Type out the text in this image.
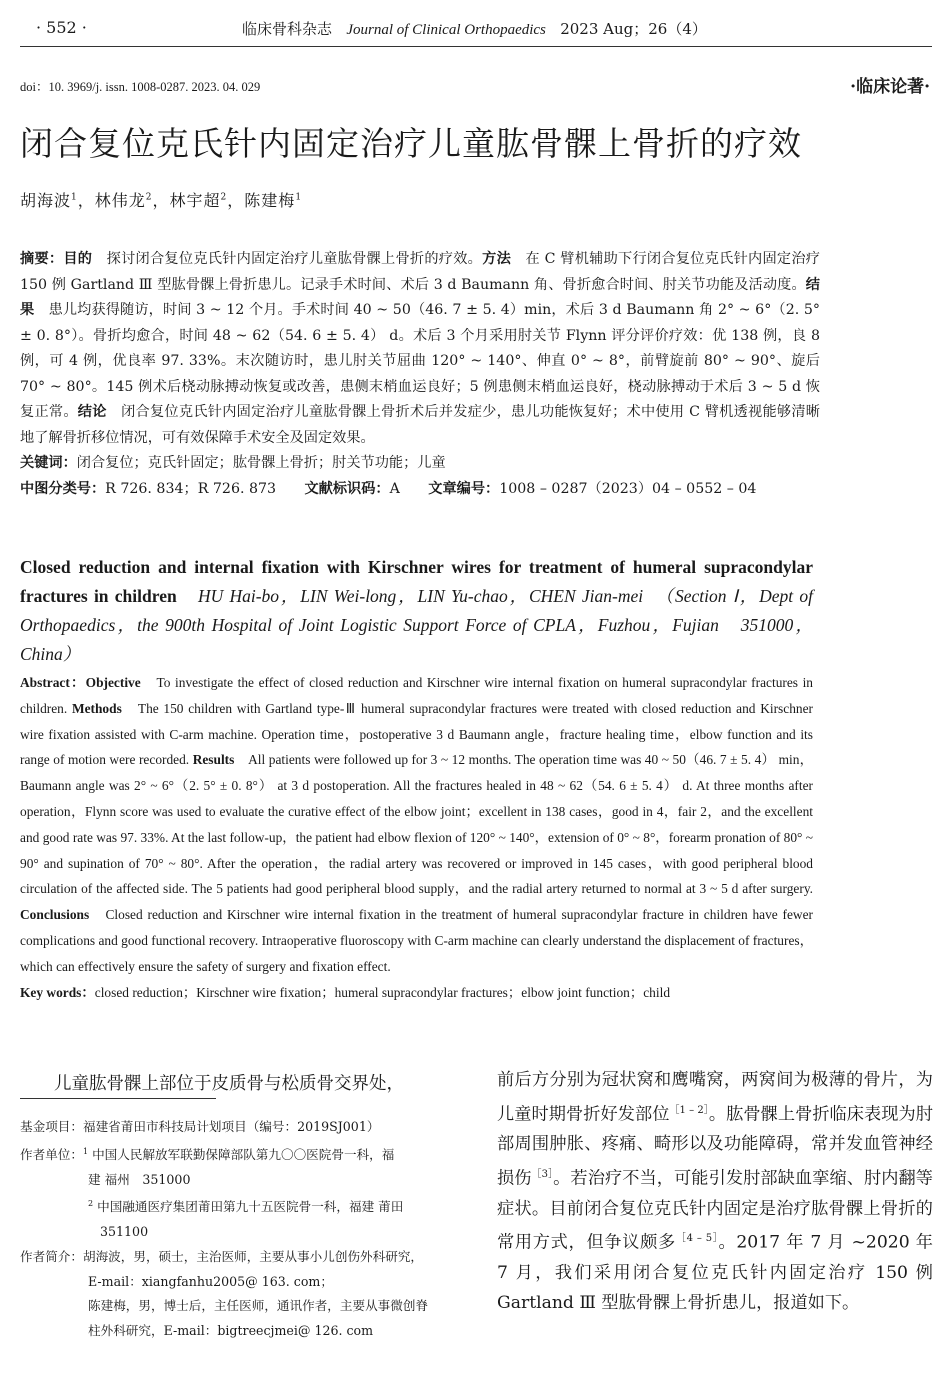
· 552 ·	临床骨科杂志 Journal of Clinical Orthopaedics 2023 Aug；26（4）
doi：10. 3969/j. issn. 1008-0287. 2023. 04. 029	·临床论著·
闭合复位克氏针内固定治疗儿童肱骨髁上骨折的疗效
胡海波$^1$，林伟龙$^2$，林宇超$^2$，陈建梅$^1$
摘要：目的　 探讨闭合复位克氏针内固定治疗儿童肱骨髁上骨折的疗效。方法　 在 C 臂机辅助下行闭合复位克氏针内固定治疗 150 例 Gartland Ⅲ 型肱骨髁上骨折患儿。记录手术时间、术后 3 d Baumann 角、骨折愈合时间、肘关节功能及活动度。结果　 患儿均获得随访，时间 3 ~ 12 个月。手术时间 40 ~ 50（46. 7 ± 5. 4）min，术后 3 d Baumann 角 2° ~ 6°（2. 5° ± 0. 8°）。骨折均愈合，时间 48 ~ 62（54. 6 ± 5. 4） d。术后 3 个月采用肘关节 Flynn 评分评价疗效：优 138 例，良 8 例，可 4 例，优良率 97. 33%。末次随访时，患儿肘关节屈曲 120° ~ 140°、伸直 0° ~ 8°，前臂旋前 80° ~ 90°、旋后 70° ~ 80°。145 例术后桡动脉搏动恢复或改善，患侧末梢血运良好；5 例患侧末梢血运良好，桡动脉搏动于术后 3 ~ 5 d 恢复正常。结论　 闭合复位克氏针内固定治疗儿童肱骨髁上骨折术后并发症少，患儿功能恢复好；术中使用 C 臂机透视能够清晰地了解骨折移位情况，可有效保障手术安全及固定效果。
关键词：闭合复位；克氏针固定；肱骨髁上骨折；肘关节功能；儿童
中图分类号：R 726. 834；R 726. 873　　 文献标识码：A　　 文章编号：1008 – 0287（2023）04 – 0552 – 04
Closed reduction and internal fixation with Kirschner wires for treatment of humeral supracondylar fractures in children　 HU Hai-bo，LIN Wei-long，LIN Yu-chao，CHEN Jian-mei　（Section Ⅰ，Dept of Orthopaedics，the 900th Hospital of Joint Logistic Support Force of CPLA，Fuzhou，Fujian　351000，China）
Abstract：Objective　 To investigate the effect of closed reduction and Kirschner wire internal fixation on humeral supracondylar fractures in children. Methods　 The 150 children with Gartland type-Ⅲ humeral supracondylar fractures were treated with closed reduction and Kirschner wire fixation assisted with C-arm machine. Operation time，postoperative 3 d Baumann angle，fracture healing time，elbow function and its range of motion were recorded. Results　 All patients were followed up for 3 ~ 12 months. The operation time was 40 ~ 50（46. 7 ± 5. 4） min，Baumann angle was 2° ~ 6°（2. 5° ± 0. 8°） at 3 d postoperation. All the fractures healed in 48 ~ 62（54. 6 ± 5. 4） d. At three months after operation，Flynn score was used to evaluate the curative effect of the elbow joint；excellent in 138 cases，good in 4，fair 2，and the excellent and good rate was 97. 33%. At the last follow-up，the patient had elbow flexion of 120° ~ 140°，extension of 0° ~ 8°，forearm pronation of 80° ~ 90° and supination of 70° ~ 80°. After the operation，the radial artery was recovered or improved in 145 cases，with good peripheral blood circulation of the affected side. The 5 patients had good peripheral blood supply，and the radial artery returned to normal at 3 ~ 5 d after surgery. Conclusions　 Closed reduction and Kirschner wire internal fixation in the treatment of humeral supracondylar fracture in children have fewer complications and good functional recovery. Intraoperative fluoroscopy with C-arm machine can clearly understand the displacement of fractures，which can effectively ensure the safety of surgery and fixation effect.
Key words：closed reduction；Kirschner wire fixation；humeral supracondylar fractures；elbow joint function；child
儿童肱骨髁上部位于皮质骨与松质骨交界处，
基金项目：福建省莆田市科技局计划项目（编号：2019SJ001）
作者单位：$^1$ 中国人民解放军联勤保障部队第九〇〇医院骨一科，福
建 福州　351000
$^2$ 中国融通医疗集团莆田第九十五医院骨一科，福建 莆田
351100
作者简介：胡海波，男，硕士，主治医师，主要从事小儿创伤外科研究，
E-mail：xiangfanhu2005@ 163. com；
陈建梅，男，博士后，主任医师，通讯作者，主要从事微创脊
柱外科研究，E-mail：bigtreecjmei@ 126. com
前后方分别为冠状窝和鹰嘴窝，两窝间为极薄的骨片，为儿童时期骨折好发部位$^{[1 - 2]}$。肱骨髁上骨折临床表现为肘部周围肿胀、疼痛、畸形以及功能障碍，常并发血管神经损伤$^{[3]}$。若治疗不当，可能引发肘部缺血挛缩、肘内翻等症状。目前闭合复位克氏针内固定是治疗肱骨髁上骨折的常用方式，但争议颇多$^{[4 - 5]}$。2017 年 7 月 ~2020 年 7 月，我们采用闭合复位克氏针内固定治疗 150 例 Gartland Ⅲ 型肱骨髁上骨折患儿，报道如下。
